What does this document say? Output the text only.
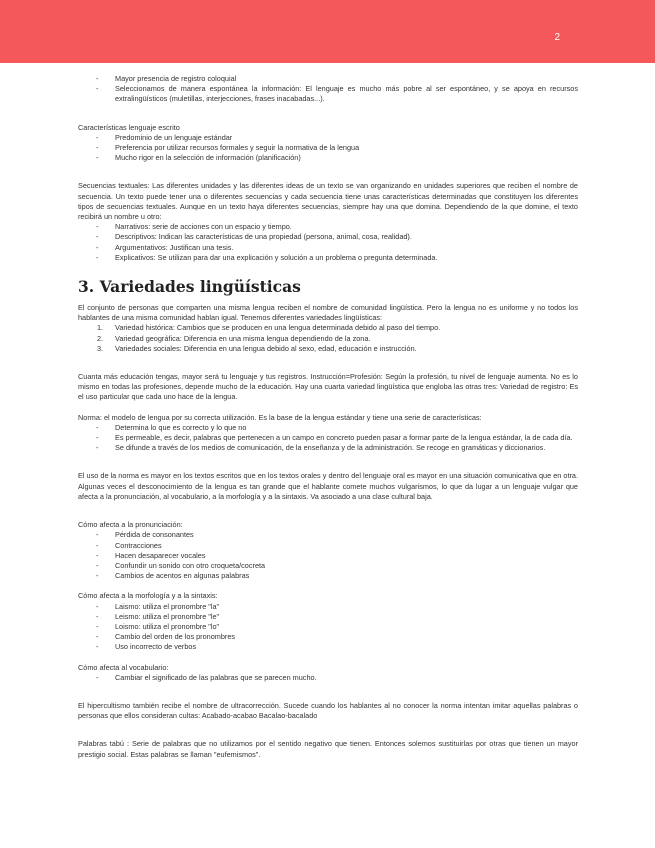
2
- Mayor presencia de registro coloquial
- Seleccionamos de manera espontánea la información: El lenguaje es mucho más pobre al ser espontáneo, y se apoya en recursos extralingüísticos (muletillas, interjecciones, frases inacabadas...).

Características lenguaje escrito

- Predominio de un lenguaje estándar
- Preferencia por utilizar recursos formales y seguir la normativa de la lengua
- Mucho rigor en la selección de información (planificación)

Secuencias textuales: Las diferentes unidades y las diferentes ideas de un texto se van organizando en unidades superiores que reciben el nombre de secuencia. Un texto puede tener una o diferentes secuencias y cada secuencia tiene unas características determinadas que constituyen los diferentes tipos de secuencias textuales. Aunque en un texto haya diferentes secuencias, siempre hay una que domina. Dependiendo de la que domine, el texto recibirá un nombre u otro:

- Narrativos: serie de acciones con un espacio y tiempo.
- Descriptivos: Indican las características de una propiedad (persona, animal, cosa, realidad).
- Argumentativos: Justifican una tesis.
- Explicativos: Se utilizan para dar una explicación y solución a un problema o pregunta determinada.
3. Variedades lingüísticas

El conjunto de personas que comparten una misma lengua reciben el nombre de comunidad lingüística. Pero la lengua no es uniforme y no todos los hablantes de una misma comunidad hablan igual. Tenemos diferentes variedades lingüísticas:

1. Variedad histórica: Cambios que se producen en una lengua determinada debido al paso del tiempo.
2. Variedad geográfica: Diferencia en una misma lengua dependiendo de la zona.
3. Variedades sociales: Diferencia en una lengua debido al sexo, edad, educación e instrucción.

Cuanta más educación tengas, mayor será tu lenguaje y tus registros. Instrucción=Profesión: Según la profesión, tu nivel de lenguaje aumenta. No es lo mismo en todas las profesiones, depende mucho de la educación. Hay una cuarta variedad lingüística que engloba las otras tres: Variedad de registro: Es el uso particular que cada uno hace de la lengua.

Norma: el modelo de lengua por su correcta utilización. Es la base de la lengua estándar y tiene una serie de características:

- Determina lo que es correcto y lo que no
- Es permeable, es decir, palabras que pertenecen a un campo en concreto pueden pasar a formar parte de la lengua estándar, la de cada día.
- Se difunde a través de los medios de comunicación, de la enseñanza y de la administración. Se recoge en gramáticas y diccionarios.

El uso de la norma es mayor en los textos escritos que en los textos orales y dentro del lenguaje oral es mayor en una situación comunicativa que en otra. Algunas veces el desconocimiento de la lengua es tan grande que el hablante comete muchos vulgarismos, lo que da lugar a un lenguaje vulgar que afecta a la pronunciación, al vocabulario, a la morfología y a la sintaxis. Va asociado a una clase cultural baja.

Cómo afecta a la pronunciación:

- Pérdida de consonantes
- Contracciones
- Hacen desaparecer vocales
- Confundir un sonido con otro croqueta/cocreta
- Cambios de acentos en algunas palabras

Cómo afecta a la morfología y a la sintaxis:

- Laismo: utiliza el pronombre "la"
- Leismo: utiliza el pronombre "le"
- Loismo: utiliza el pronombre "lo"
- Cambio del orden de los pronombres
- Uso incorrecto de verbos

Cómo afecta al vocabulario:

- Cambiar el significado de las palabras que se parecen mucho.

El hipercultismo también recibe el nombre de ultracorrección. Sucede cuando los hablantes al no conocer la norma intentan imitar aquellas palabras o personas que ellos consideran cultas: Acabado-acabao Bacalao-bacalado

Palabras tabú : Serie de palabras que no utilizamos por el sentido negativo que tienen. Entonces solemos sustituirlas por otras que tienen un mayor prestigio social. Estas palabras se llaman "eufemismos".
